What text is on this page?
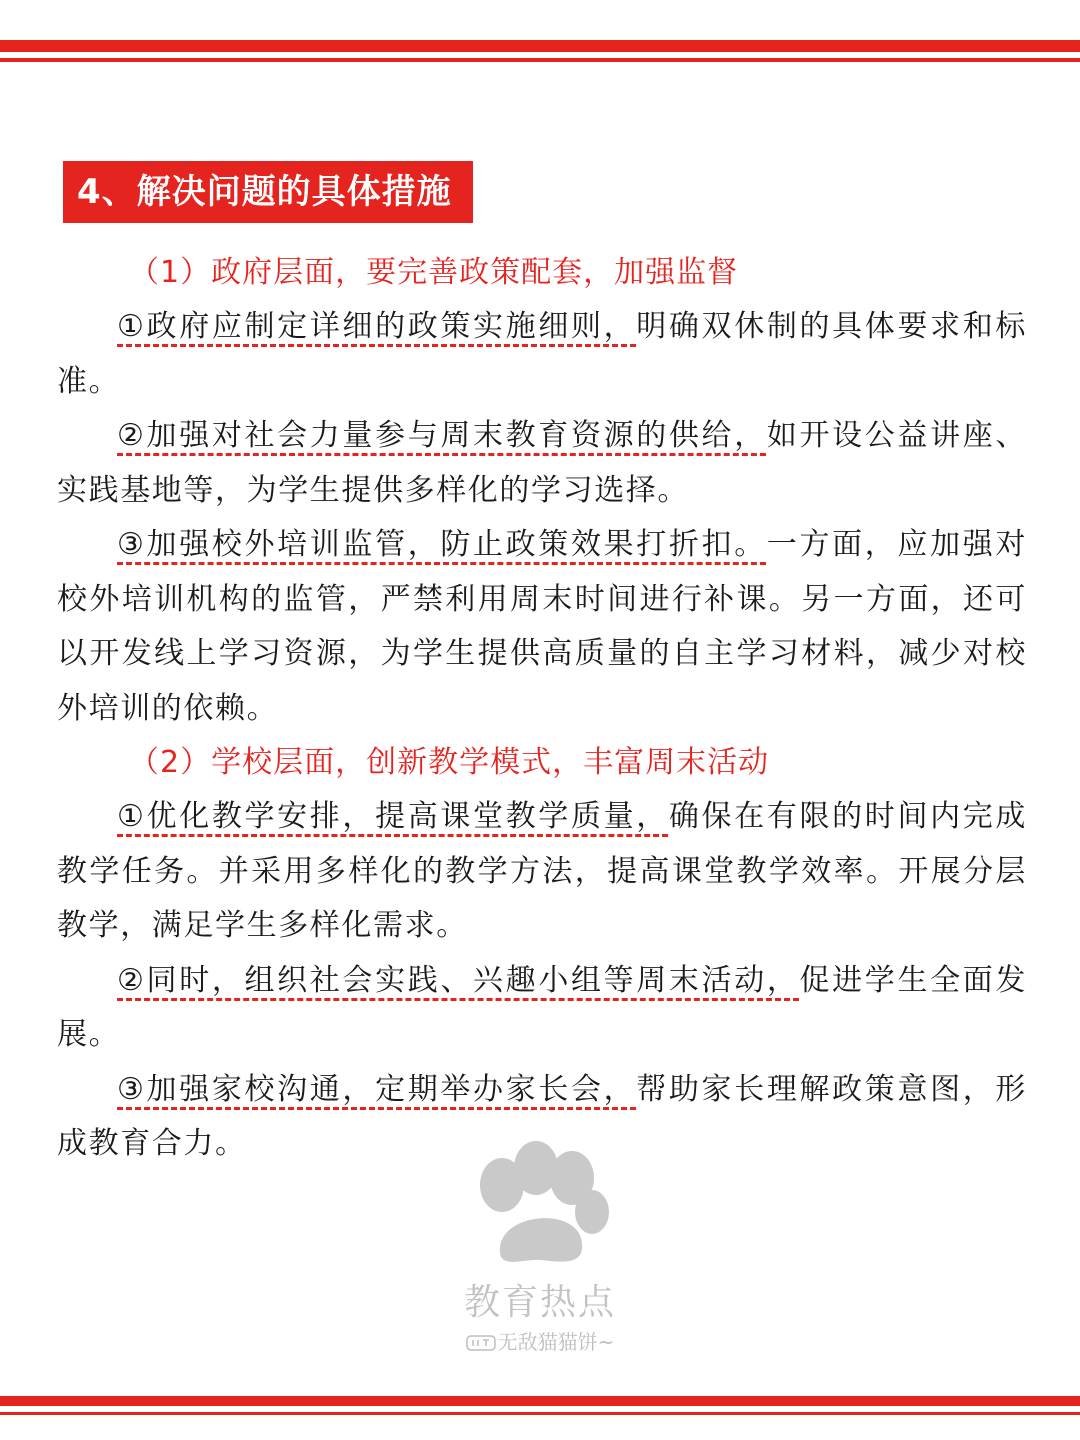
4、解决问题的具体措施

（1）政府层面，要完善政策配套，加强监督

①政府应制定详细的政策实施细则，明确双休制的具体要求和标准。

②加强对社会力量参与周末教育资源的供给，如开设公益讲座、实践基地等，为学生提供多样化的学习选择。

③加强校外培训监管，防止政策效果打折扣。一方面，应加强对校外培训机构的监管，严禁利用周末时间进行补课。另一方面，还可以开发线上学习资源，为学生提供高质量的自主学习材料，减少对校外培训的依赖。

（2）学校层面，创新教学模式，丰富周末活动

①优化教学安排，提高课堂教学质量，确保在有限的时间内完成教学任务。并采用多样化的教学方法，提高课堂教学效率。开展分层教学，满足学生多样化需求。

②同时，组织社会实践、兴趣小组等周末活动，促进学生全面发展。

③加强家校沟通，定期举办家长会，帮助家长理解政策意图，形成教育合力。

教育热点
无敌猫猫饼~
